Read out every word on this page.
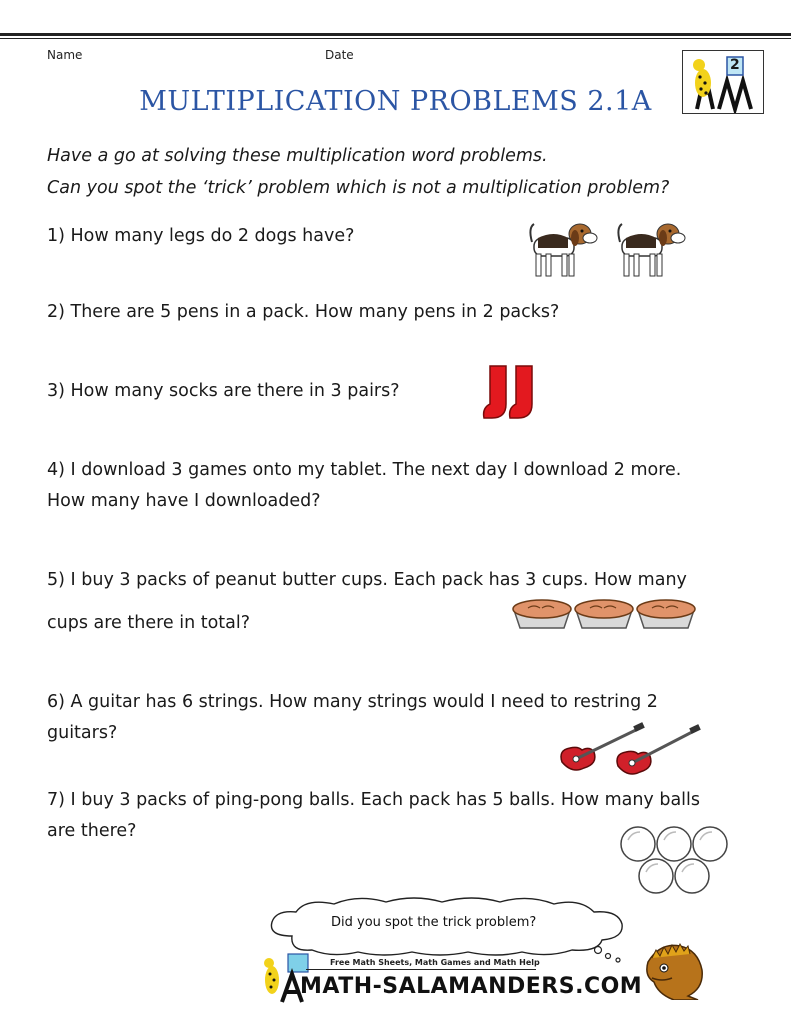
Name	Date
2
MULTIPLICATION PROBLEMS 2.1A
Have a go at solving these multiplication word problems.
Can you spot the ‘trick’ problem which is not a multiplication problem?
1) How many legs do 2 dogs have?
2) There are 5 pens in a pack. How many pens in 2 packs?
3) How many socks are there in 3 pairs?
4) I download 3 games onto my tablet. The next day I download 2 more.
How many have I downloaded?
5) I buy 3 packs of peanut butter cups. Each pack has 3 cups. How many
cups are there in total?
6) A guitar has 6 strings. How many strings would I need to restring 2
guitars?
7) I buy 3 packs of ping-pong balls. Each pack has 5 balls. How many balls
are there?
Did you spot the trick problem?
Free Math Sheets, Math Games and Math Help
MATH-SALAMANDERS.COM
